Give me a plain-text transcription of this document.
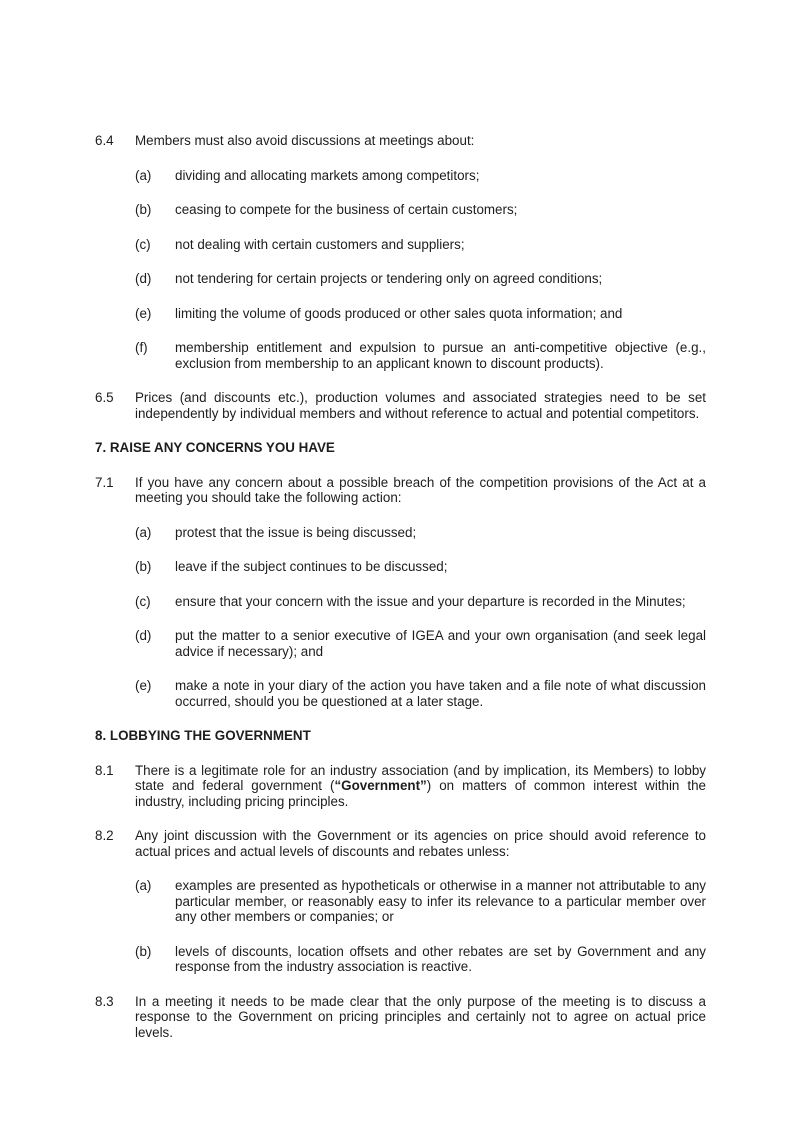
6.4	Members must also avoid discussions at meetings about:
(a)	dividing and allocating markets among competitors;
(b)	ceasing to compete for the business of certain customers;
(c)	not dealing with certain customers and suppliers;
(d)	not tendering for certain projects or tendering only on agreed conditions;
(e)	limiting the volume of goods produced or other sales quota information; and
(f)	membership entitlement and expulsion to pursue an anti-competitive objective (e.g., exclusion from membership to an applicant known to discount products).
6.5	Prices (and discounts etc.), production volumes and associated strategies need to be set independently by individual members and without reference to actual and potential competitors.
7. RAISE ANY CONCERNS YOU HAVE
7.1	If you have any concern about a possible breach of the competition provisions of the Act at a meeting you should take the following action:
(a)	protest that the issue is being discussed;
(b)	leave if the subject continues to be discussed;
(c)	ensure that your concern with the issue and your departure is recorded in the Minutes;
(d)	put the matter to a senior executive of IGEA and your own organisation (and seek legal advice if necessary); and
(e)	make a note in your diary of the action you have taken and a file note of what discussion occurred, should you be questioned at a later stage.
8. LOBBYING THE GOVERNMENT
8.1	There is a legitimate role for an industry association (and by implication, its Members) to lobby state and federal government (“Government”) on matters of common interest within the industry, including pricing principles.
8.2	Any joint discussion with the Government or its agencies on price should avoid reference to actual prices and actual levels of discounts and rebates unless:
(a)	examples are presented as hypotheticals or otherwise in a manner not attributable to any particular member, or reasonably easy to infer its relevance to a particular member over any other members or companies; or
(b)	levels of discounts, location offsets and other rebates are set by Government and any response from the industry association is reactive.
8.3	In a meeting it needs to be made clear that the only purpose of the meeting is to discuss a response to the Government on pricing principles and certainly not to agree on actual price levels.
